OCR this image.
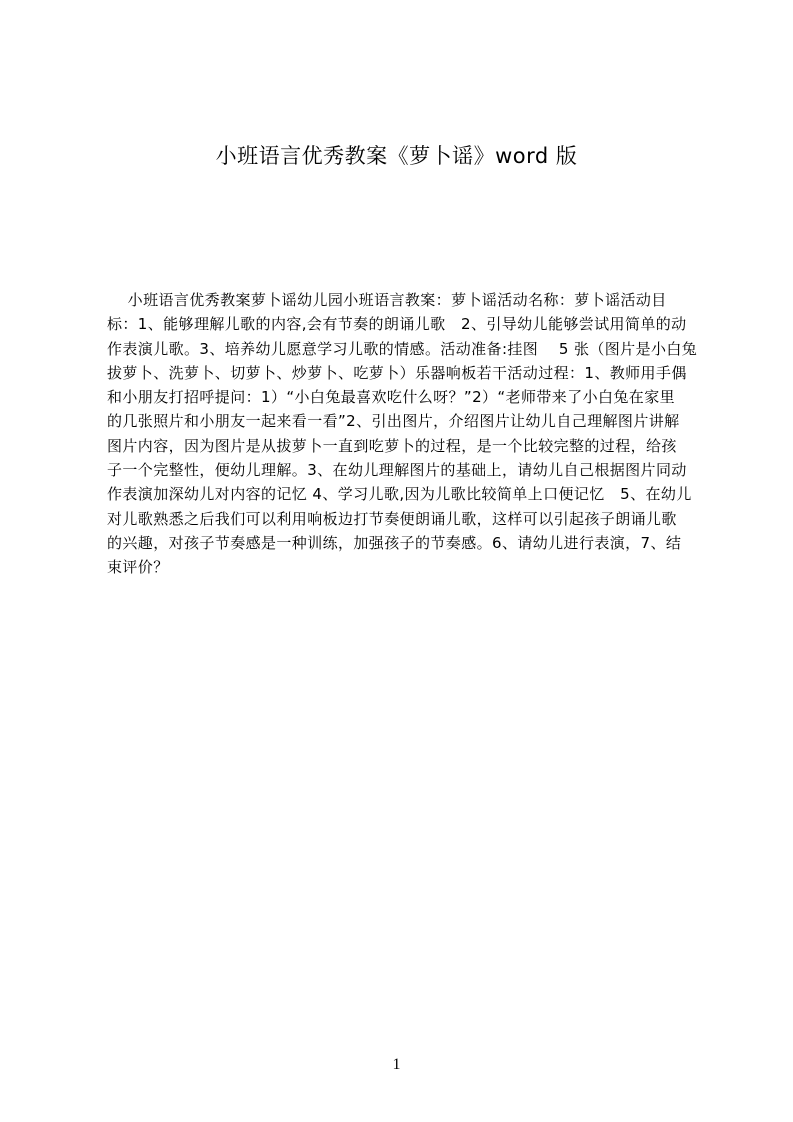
小班语言优秀教案《萝卜谣》word 版
小班语言优秀教案萝卜谣幼儿园小班语言教案：萝卜谣活动名称：萝卜谣活动目
标：1、能够理解儿歌的内容,会有节奏的朗诵儿歌   2、引导幼儿能够尝试用简单的动
作表演儿歌。3、培养幼儿愿意学习儿歌的情感。活动准备:挂图    5 张（图片是小白兔
拔萝卜、洗萝卜、切萝卜、炒萝卜、吃萝卜）乐器响板若干活动过程：1、教师用手偶
和小朋友打招呼提问：1）“小白兔最喜欢吃什么呀？”2）“老师带来了小白兔在家里
的几张照片和小朋友一起来看一看”2、引出图片，介绍图片让幼儿自己理解图片讲解
图片内容，因为图片是从拔萝卜一直到吃萝卜的过程，是一个比较完整的过程，给孩
子一个完整性，便幼儿理解。3、在幼儿理解图片的基础上，请幼儿自己根据图片同动
作表演加深幼儿对内容的记忆 4、学习儿歌,因为儿歌比较简单上口便记忆   5、在幼儿
对儿歌熟悉之后我们可以利用响板边打节奏便朗诵儿歌，这样可以引起孩子朗诵儿歌
的兴趣，对孩子节奏感是一种训练，加强孩子的节奏感。6、请幼儿进行表演，7、结
束评价？
1
